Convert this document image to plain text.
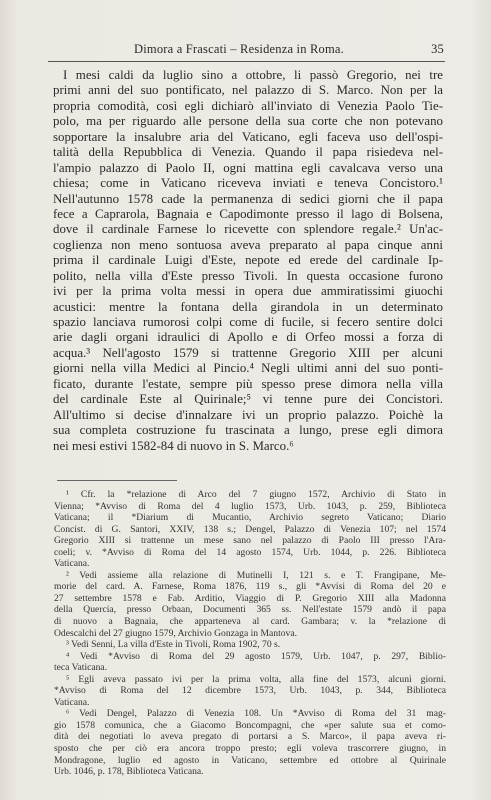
Dimora a Frascati – Residenza in Roma.	35
I mesi caldi da luglio sino a ottobre, li passò Gregorio, nei tre
primi anni del suo pontificato, nel palazzo di S. Marco. Non per la
propria comodità, così egli dichiarò all'inviato di Venezia Paolo Tie-
polo, ma per riguardo alle persone della sua corte che non potevano
sopportare la insalubre aria del Vaticano, egli faceva uso dell'ospi-
talità della Repubblica di Venezia. Quando il papa risiedeva nel-
l'ampio palazzo di Paolo II, ogni mattina egli cavalcava verso una
chiesa; come in Vaticano riceveva inviati e teneva Concistoro.¹
Nell'autunno 1578 cade la permanenza di sedici giorni che il papa
fece a Caprarola, Bagnaia e Capodimonte presso il lago di Bolsena,
dove il cardinale Farnese lo ricevette con splendore regale.² Un'ac-
coglienza non meno sontuosa aveva preparato al papa cinque anni
prima il cardinale Luigi d'Este, nepote ed erede del cardinale Ip-
polito, nella villa d'Este presso Tivoli. In questa occasione furono
ivi per la prima volta messi in opera due ammiratissimi giuochi
acustici: mentre la fontana della girandola in un determinato
spazio lanciava rumorosi colpi come di fucile, si fecero sentire dolci
arie dagli organi idraulici di Apollo e di Orfeo mossi a forza di
acqua.³ Nell'agosto 1579 si trattenne Gregorio XIII per alcuni
giorni nella villa Medici al Pincio.⁴ Negli ultimi anni del suo ponti-
ficato, durante l'estate, sempre più spesso prese dimora nella villa
del cardinale Este al Quirinale;⁵ vi tenne pure dei Concistori.
All'ultimo si decise d'innalzare ivi un proprio palazzo. Poichè la
sua completa costruzione fu trascinata a lungo, prese egli dimora
nei mesi estivi 1582-84 di nuovo in S. Marco.⁶
¹ Cfr. la *relazione di Arco del 7 giugno 1572, Archivio di Stato in
Vienna; *Avviso di Roma del 4 luglio 1573, Urb. 1043, p. 259, Biblioteca
Vaticana; il *Diarium di Mucantio, Archivio segreto Vaticano; Diario
Concist. di G. Santori, XXIV, 138 s.; Dengel, Palazzo di Venezia 107; nel 1574
Gregorio XIII si trattenne un mese sano nel palazzo di Paolo III presso l'Ara-
coeli; v. *Avviso di Roma del 14 agosto 1574, Urb. 1044, p. 226. Biblioteca
Vaticana.
² Vedi assieme alla relazione di Mutinelli I, 121 s. e T. Frangipane, Me-
morie del card. A. Farnese, Roma 1876, 119 s., gli *Avvisi di Roma del 20 e
27 settembre 1578 e Fab. Arditio, Viaggio di P. Gregorio XIII alla Madonna
della Quercia, presso Orbaan, Documenti 365 ss. Nell'estate 1579 andò il papa
di nuovo a Bagnaia, che apparteneva al card. Gambara; v. la *relazione di
Odescalchi del 27 giugno 1579, Archivio Gonzaga in Mantova.
³ Vedi Senni, La villa d'Este in Tivoli, Roma 1902, 70 s.
⁴ Vedi *Avviso di Roma del 29 agosto 1579, Urb. 1047, p. 297, Biblio-
teca Vaticana.
⁵ Egli aveva passato ivi per la prima volta, alla fine del 1573, alcuni giorni.
*Avviso di Roma del 12 dicembre 1573, Urb. 1043, p. 344, Biblioteca
Vaticana.
⁶ Vedi Dengel, Palazzo di Venezia 108. Un *Avviso di Roma del 31 mag-
gio 1578 comunica, che a Giacomo Boncompagni, che «per salute sua et como-
dità dei negotiati lo aveva pregato di portarsi a S. Marco», il papa aveva ri-
sposto che per ciò era ancora troppo presto; egli voleva trascorrere giugno, in
Mondragone, luglio ed agosto in Vaticano, settembre ed ottobre al Quirinale
Urb. 1046, p. 178, Biblioteca Vaticana.
